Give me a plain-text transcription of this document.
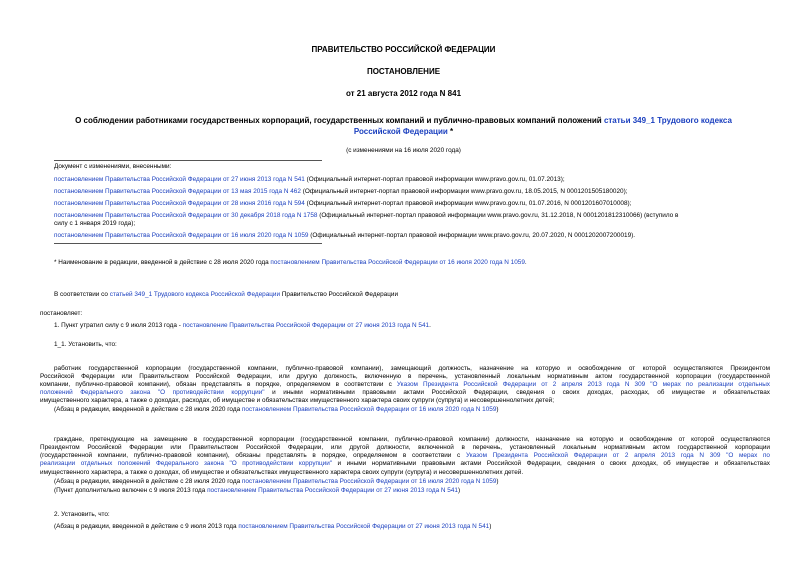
ПРАВИТЕЛЬСТВО РОССИЙСКОЙ ФЕДЕРАЦИИ
ПОСТАНОВЛЕНИЕ
от 21 августа 2012 года N 841
О соблюдении работниками государственных корпораций, государственных компаний и публично-правовых компаний положений статьи 349_1 Трудового кодекса Российской Федерации *
(с изменениями на 16 июля 2020 года)
Документ с изменениями, внесенными:
постановлением Правительства Российской Федерации от 27 июня 2013 года N 541 (Официальный интернет-портал правовой информации www.pravo.gov.ru, 01.07.2013);
постановлением Правительства Российской Федерации от 13 мая 2015 года N 462 (Официальный интернет-портал правовой информации www.pravo.gov.ru, 18.05.2015, N 0001201505180020);
постановлением Правительства Российской Федерации от 28 июня 2016 года N 594 (Официальный интернет-портал правовой информации www.pravo.gov.ru, 01.07.2016, N 0001201607010008);
постановлением Правительства Российской Федерации от 30 декабря 2018 года N 1758 (Официальный интернет-портал правовой информации www.pravo.gov.ru, 31.12.2018, N 0001201812310066) (вступило в
силу с 1 января 2019 года);
постановлением Правительства Российской Федерации от 16 июля 2020 года N 1059 (Официальный интернет-портал правовой информации www.pravo.gov.ru, 20.07.2020, N 0001202007200019).
* Наименование в редакции, введенной в действие с 28 июля 2020 года постановлением Правительства Российской Федерации от 16 июля 2020 года N 1059.
В соответствии со статьей 349_1 Трудового кодекса Российской Федерации Правительство Российской Федерации
постановляет:
1. Пункт утратил силу с 9 июля 2013 года - постановление Правительства Российской Федерации от 27 июня 2013 года N 541.
1_1. Установить, что:
работник государственной корпорации (государственной компании, публично-правовой компании), замещающий должность, назначение на которую и освобождение от которой осуществляются Президентом
Российской Федерации или Правительством Российской Федерации, или другую должность, включенную в перечень, установленный локальным нормативным актом государственной корпорации (государственной
компании, публично-правовой компании), обязан представлять в порядке, определяемом в соответствии с Указом Президента Российской Федерации от 2 апреля 2013 года N 309 "О мерах по реализации отдельных
положений Федерального закона "О противодействии коррупции" и иными нормативными правовыми актами Российской Федерации, сведения о своих доходах, расходах, об имуществе и обязательствах
имущественного характера, а также о доходах, расходах, об имуществе и обязательствах имущественного характера своих супруги (супруга) и несовершеннолетних детей;
(Абзац в редакции, введенной в действие с 28 июля 2020 года постановлением Правительства Российской Федерации от 16 июля 2020 года N 1059)
граждане, претендующие на замещение в государственной корпорации (государственной компании, публично-правовой компании) должности, назначение на которую и освобождение от которой осуществляются
Президентом Российской Федерации или Правительством Российской Федерации, или другой должности, включенной в перечень, установленный локальным нормативным актом государственной корпорации
(государственной компании, публично-правовой компании), обязаны представлять в порядке, определяемом в соответствии с Указом Президента Российской Федерации от 2 апреля 2013 года N 309 "О мерах по
реализации отдельных положений Федерального закона "О противодействии коррупции" и иными нормативными правовыми актами Российской Федерации, сведения о своих доходах, об имуществе и обязательствах
имущественного характера, а также о доходах, об имуществе и обязательствах имущественного характера своих супруги (супруга) и несовершеннолетних детей.
(Абзац в редакции, введенной в действие с 28 июля 2020 года постановлением Правительства Российской Федерации от 16 июля 2020 года N 1059)
(Пункт дополнительно включен с 9 июля 2013 года постановлением Правительства Российской Федерации от 27 июня 2013 года N 541)
2. Установить, что:
(Абзац в редакции, введенной в действие с 9 июля 2013 года постановлением Правительства Российской Федерации от 27 июня 2013 года N 541)
